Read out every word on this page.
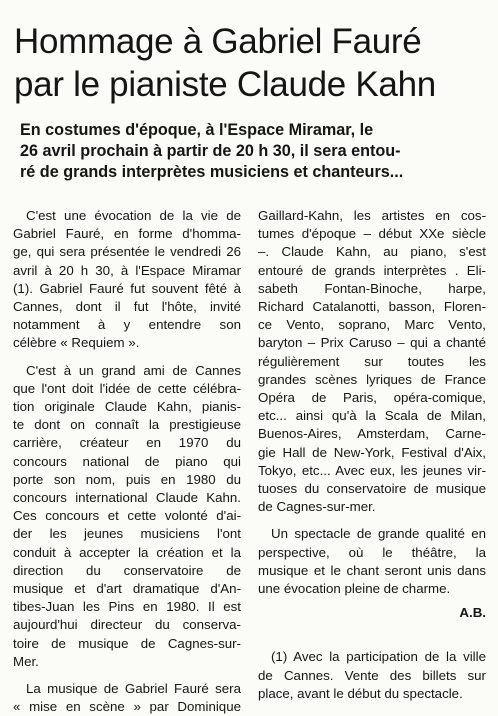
Hommage à Gabriel Fauré
par le pianiste Claude Kahn
En costumes d'époque, à l'Espace Miramar, le
26 avril prochain à partir de 20 h 30, il sera entou-
ré de grands interprètes musiciens et chanteurs...

C'est une évocation de la vie de
Gabriel Fauré, en forme d'homma-
ge, qui sera présentée le vendredi 26
avril à 20 h 30, à l'Espace Miramar
(1). Gabriel Fauré fut souvent fêté à
Cannes, dont il fut l'hôte, invité
notamment à y entendre son
célèbre « Requiem ».

C'est à un grand ami de Cannes
que l'ont doit l'idée de cette célébra-
tion originale Claude Kahn, pianis-
te dont on connaît la prestigieuse
carrière, créateur en 1970 du
concours national de piano qui
porte son nom, puis en 1980 du
concours international Claude Kahn.
Ces concours et cette volonté d'ai-
der les jeunes musiciens l'ont
conduit à accepter la création et la
direction du conservatoire de
musique et d'art dramatique d'An-
tibes-Juan les Pins en 1980. Il est
aujourd'hui directeur du conserva-
toire de musique de Cagnes-sur-
Mer.

La musique de Gabriel Fauré sera
« mise en scène » par Dominique

Gaillard-Kahn, les artistes en cos-
tumes d'époque – début XXe siècle
–. Claude Kahn, au piano, s'est
entouré de grands interprètes . Eli-
sabeth Fontan-Binoche, harpe,
Richard Catalanotti, basson, Floren-
ce Vento, soprano, Marc Vento,
baryton – Prix Caruso – qui a chanté
régulièrement sur toutes les
grandes scènes lyriques de France
Opéra de Paris, opéra-comique,
etc... ainsi qu'à la Scala de Milan,
Buenos-Aires, Amsterdam, Carne-
gie Hall de New-York, Festival d'Aix,
Tokyo, etc... Avec eux, les jeunes vir-
tuoses du conservatoire de musique
de Cagnes-sur-mer.

Un spectacle de grande qualité en
perspective, où le théâtre, la
musique et le chant seront unis dans
une évocation pleine de charme.

A.B.

(1) Avec la participation de la ville
de Cannes. Vente des billets sur
place, avant le début du spectacle.
